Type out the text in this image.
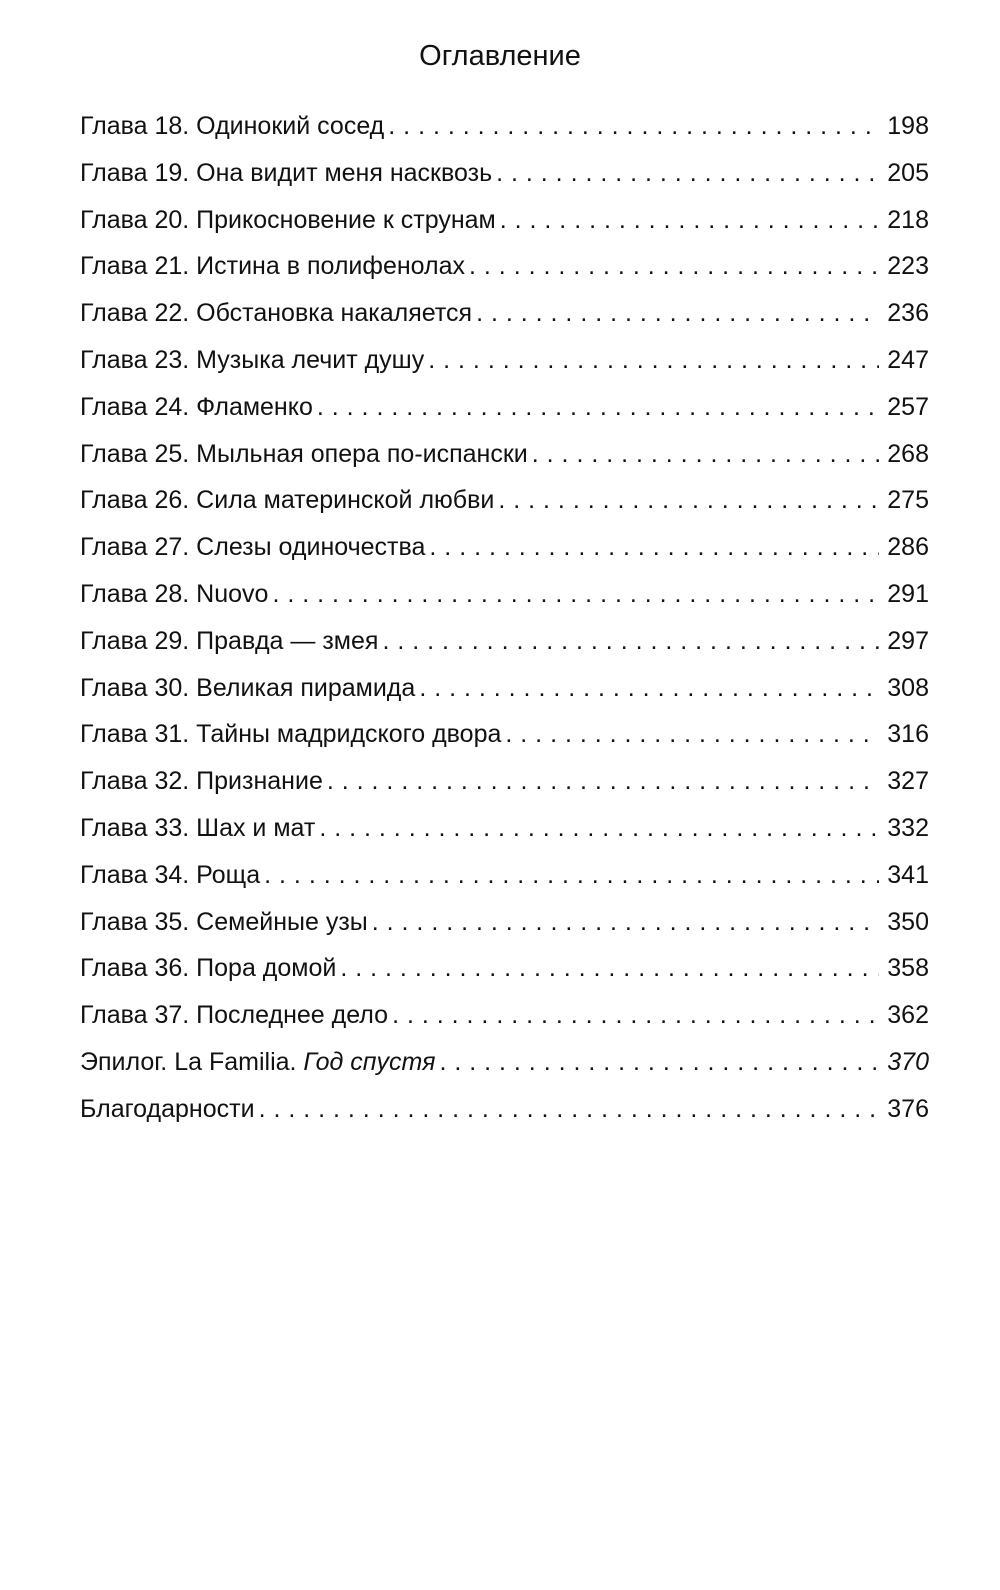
Оглавление
Глава 18. Одинокий сосед . . .	198
Глава 19. Она видит меня насквозь . . .	205
Глава 20. Прикосновение к струнам . . .	218
Глава 21. Истина в полифенолах . . .	223
Глава 22. Обстановка накаляется . . .	236
Глава 23. Музыка лечит душу . . .	247
Глава 24. Фламенко . . .	257
Глава 25. Мыльная опера по-испански . . .	268
Глава 26. Сила материнской любви . . .	275
Глава 27. Слезы одиночества . . .	286
Глава 28. Nuovo . . .	291
Глава 29. Правда — змея . . .	297
Глава 30. Великая пирамида . . .	308
Глава 31. Тайны мадридского двора . . .	316
Глава 32. Признание . . .	327
Глава 33. Шах и мат . . .	332
Глава 34. Роща . . .	341
Глава 35. Семейные узы . . .	350
Глава 36. Пора домой . . .	358
Глава 37. Последнее дело . . .	362
Эпилог. La Familia. Год спустя . . .	370
Благодарности . . .	376
